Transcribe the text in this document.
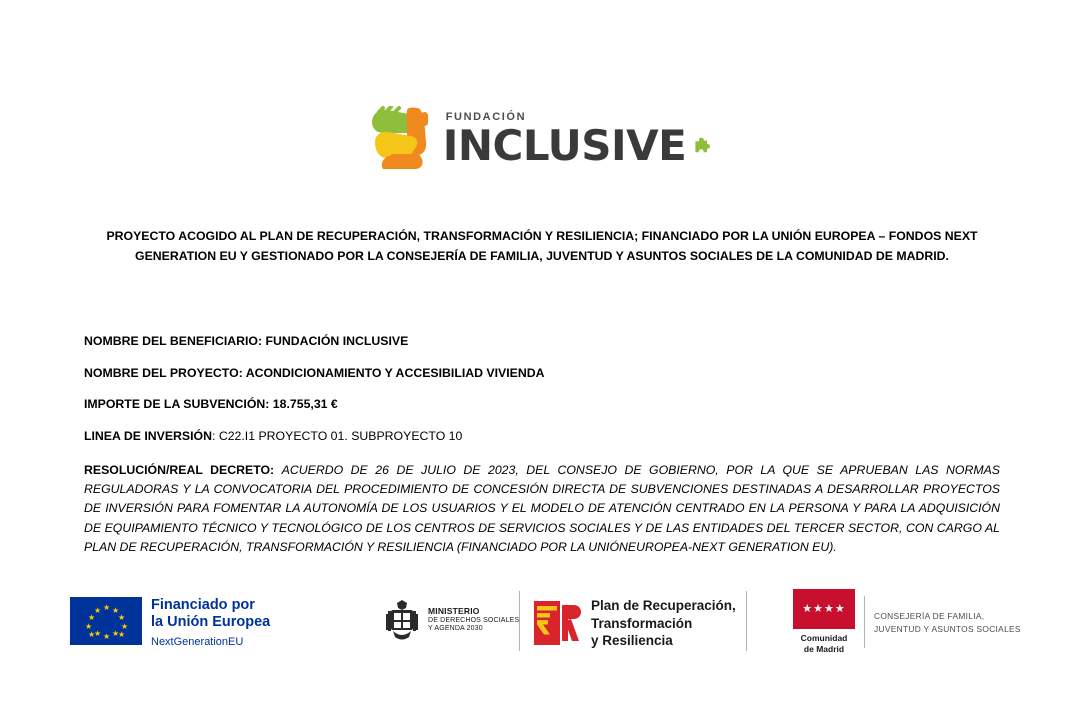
FUNDACIÓN
INCLUSIVE
PROYECTO ACOGIDO AL PLAN DE RECUPERACIÓN, TRANSFORMACIÓN Y RESILIENCIA; FINANCIADO POR LA UNIÓN EUROPEA – FONDOS NEXT GENERATION EU Y GESTIONADO POR LA CONSEJERÍA DE FAMILIA, JUVENTUD Y ASUNTOS SOCIALES DE LA COMUNIDAD DE MADRID.
NOMBRE DEL BENEFICIARIO: FUNDACIÓN INCLUSIVE
NOMBRE DEL PROYECTO: ACONDICIONAMIENTO Y ACCESIBILIAD VIVIENDA
IMPORTE DE LA SUBVENCIÓN: 18.755,31 €
LINEA DE INVERSIÓN: C22.I1 PROYECTO 01. SUBPROYECTO 10
RESOLUCIÓN/REAL DECRETO: ACUERDO DE 26 DE JULIO DE 2023, DEL CONSEJO DE GOBIERNO, POR LA QUE SE APRUEBAN LAS NORMAS REGULADORAS Y LA CONVOCATORIA DEL PROCEDIMIENTO DE CONCESIÓN DIRECTA DE SUBVENCIONES DESTINADAS A DESARROLLAR PROYECTOS DE INVERSIÓN PARA FOMENTAR LA AUTONOMÍA DE LOS USUARIOS Y EL MODELO DE ATENCIÓN CENTRADO EN LA PERSONA Y PARA LA ADQUISICIÓN DE EQUIPAMIENTO TÉCNICO Y TECNOLÓGICO DE LOS CENTROS DE SERVICIOS SOCIALES Y DE LAS ENTIDADES DEL TERCER SECTOR, CON CARGO AL PLAN DE RECUPERACIÓN, TRANSFORMACIÓN Y RESILIENCIA (FINANCIADO POR LA UNIÓNEUROPEA-NEXT GENERATION EU).
★ ★
★
★
★
★
★
★
★
★
★
★	Financiado por
la Unión Europea
NextGenerationEU
MINISTERIO
DE DERECHOS SOCIALES
Y AGENDA 2030
Plan de Recuperación,
Transformación
y Resiliencia
★★★★
Comunidad
de Madrid
CONSEJERÍA DE FAMILIA,
JUVENTUD Y ASUNTOS SOCIALES
